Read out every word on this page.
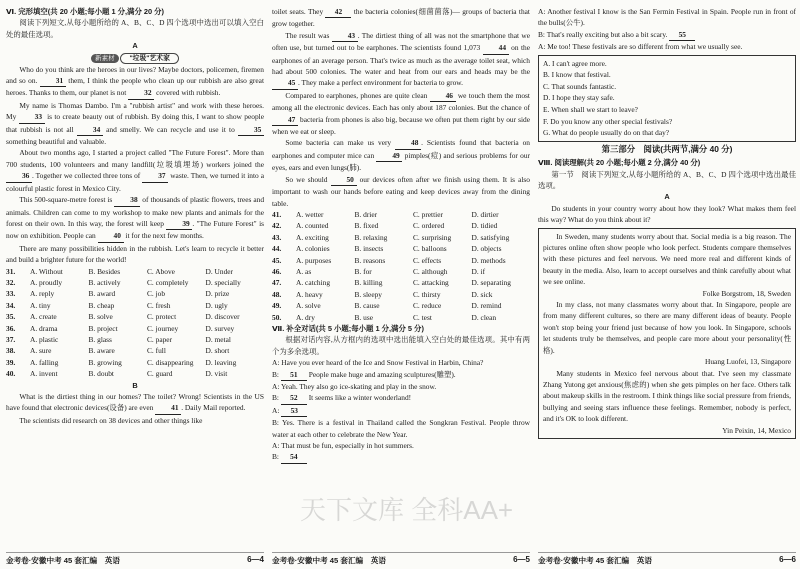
Ⅵ. 完形填空(共 20 小题;每小题 1 分,满分 20 分)

阅读下列短文,从每小题所给的 A、B、C、D 四个选项中选出可以填入空白处的最佳选项。

A
新素材 "垃圾"艺术家

Who do you think are the heroes in our lives? Maybe doctors, policemen, firemen and so on. 31 them, I think the people who clean up our rubbish are also great heroes. Thanks to them, our planet is not 32 covered with rubbish.

My name is Thomas Dambo. I'm a "rubbish artist" and work with these heroes. My 33 is to create beauty out of rubbish. By doing this, I want to show people that rubbish is not all	34 and smelly. We can recycle and use it to	35 something beautiful and valuable.

About two months ago, I started a project called "The Future Forest". More than 700 students, 100 volunteers and many landfill(垃圾填埋场) workers joined the 36 . Together we collected three tons of 37 waste. Then, we turned it into a colourful plastic forest in Mexico City.

This 500-square-metre forest is 38 of thousands of plastic flowers, trees and animals. Children can come to my workshop to make new plants and animals for the forest on their own. In this way, the forest will keep 39 . "The Future Forest" is now on exhibition. People can 40 it for the next few months.

There are many possibilities hidden in the rubbish. Let's learn to recycle it better and build a brighter future for the world!

31.	A. Without	B. Besides	C. Above	D. Under
32.	A. proudly	B. actively	C. completely	D. specially
33.	A. reply	B. award	C. job	D. prize
34.	A. tiny	B. cheap	C. fresh	D. ugly
35.	A. create	B. solve	C. protect	D. discover
36.	A. drama	B. project	C. journey	D. survey
37.	A. plastic	B. glass	C. paper	D. metal
38.	A. sure	B. aware	C. full	D. short
39.	A. falling	B. growing	C. disappearing	D. leaving
40.	A. invent	B. doubt	C. guard	D. visit
B

What is the dirtiest thing in our homes? The toilet? Wrong! Scientists in the US have found that electronic devices(设备) are even 41 . Daily Mail reported.

The scientists did research on 38 devices and other things like

toilet seats. They 42 the bacteria colonies(细菌菌落)— groups of bacteria that grow together.

The result was 43 . The dirtiest thing of all was not the smartphone that we often use, but turned out to be earphones. The scientists found 1,073 44 on the earphones of an average person. That's twice as much as the average toilet seat, which had about 500 colonies. The water and heat from our ears and heads may be the 45 . They make a perfect environment for bacteria to grow.

Compared to earphones, phones are quite clean 46 we touch them the most among all the electronic devices. Each has only about 187 colonies. But the chance of 47 bacteria from phones is also big, because we often put them right by our side when we eat or sleep.

Some bacteria can make us very	48 . Scientists found that bacteria on earphones and computer mice can 49 pimples(痘) and serious problems for our eyes, ears and even lungs(肺).

So we should	50 our devices often after we finish using them. It is also important to wash our hands before eating and keep devices away from the dining table.

41.	A. wetter	B. drier	C. prettier	D. dirtier
42.	A. counted	B. fixed	C. ordered	D. tidied
43.	A. exciting	B. relaxing	C. surprising	D. satisfying
44.	A. colonies	B. insects	C. balloons	D. objects
45.	A. purposes	B. reasons	C. effects	D. methods
46.	A. as	B. for	C. although	D. if
47.	A. catching	B. killing	C. attacking	D. separating
48.	A. heavy	B. sleepy	C. thirsty	D. sick
49.	A. solve	B. cause	C. reduce	D. remind
50.	A. dry	B. use	C. test	D. clean
Ⅶ. 补全对话(共 5 小题;每小题 1 分,满分 5 分)

根据对话内容,从方框内的选项中选出能填入空白处的最佳选项。其中有两个为多余选项。

A: Have you ever heard of the Ice and Snow Festival in Harbin, China?

B: 51 People make huge and amazing sculptures(雕塑).

A: Yeah. They also go ice-skating and play in the snow.

B: 52 It seems like a winter wonderland!

A: 53

B: Yes. There is a festival in Thailand called the Songkran Festival. People throw water at each other to celebrate the New Year.

A: That must be fun, especially in hot summers.

B: 54

A: Another festival I know is the San Fermin Festival in Spain. People run in front of the bulls(公牛).

B: That's really exciting but also a bit scary. 55

A: Me too! These festivals are so different from what we usually see.

A. I can't agree more.
B. I know that festival.
C. That sounds fantastic.
D. I hope they stay safe.
E. When shall we start to leave?
F. Do you know any other special festivals?
G. What do people usually do on that day?
第三部分　阅读(共两节,满分 40 分)
Ⅷ. 阅读理解(共 20 小题;每小题 2 分,满分 40 分)

第一节　阅读下列短文,从每小题所给的 A、B、C、D 四个选项中选出最佳选项。

A

Do students in your country worry about how they look? What makes them feel this way? What do you think about it?

In Sweden, many students worry about that. Social media is a big reason. The pictures online often show people who look perfect. Students compare themselves with these pictures and feel nervous. We need more real and different kinds of beauty in the media. Also, learn to accept ourselves and think carefully about what we see online.

Folke Borgstrom, 18, Sweden

In my class, not many classmates worry about that. In Singapore, people are from many different cultures, so there are many different ideas of beauty. People won't stop being your friend just because of how you look. In Singapore, schools let students truly be themselves, and people care more about your personality(性格).

Huang Luofei, 13, Singapore

Many students in Mexico feel nervous about that. I've seen my classmate Zhang Yutong get anxious(焦虑的) when she gets pimples on her face. Others talk about makeup skills in the restroom. I think things like social pressure from friends, bullying and seeing stars influence these feelings. Remember, nobody is perfect, and it's OK to look different.

Yin Peixin, 14, Mexico
天下文库 全科AA+
金考卷·安徽中考 45 套汇编　英语	6—4 金考卷·安徽中考 45 套汇编　英语	6—5 金考卷·安徽中考 45 套汇编　英语	6—6
